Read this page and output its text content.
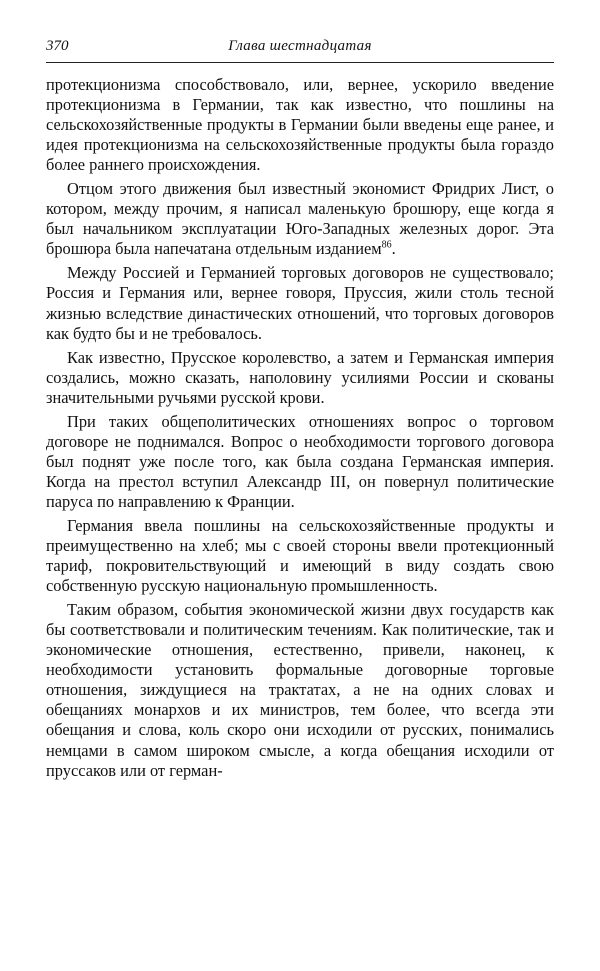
370	Глава шестнадцатая

протекционизма способствовало, или, вернее, ускорило введение протекционизма в Германии, так как известно, что пошлины на сельскохозяйственные продукты в Германии были введены еще ранее, и идея протекционизма на сельскохозяйственные продукты была гораздо более раннего происхождения.

Отцом этого движения был известный экономист Фридрих Лист, о котором, между прочим, я написал маленькую брошюру, еще когда я был начальником эксплуатации Юго-Западных железных дорог. Эта брошюра была напечатана отдельным изданием$^{86}$.

Между Россией и Германией торговых договоров не существовало; Россия и Германия или, вернее говоря, Пруссия, жили столь тесной жизнью вследствие династических отношений, что торговых договоров как будто бы и не требовалось.

Как известно, Прусское королевство, а затем и Германская империя создались, можно сказать, наполовину усилиями России и скованы значительными ручьями русской крови.

При таких общеполитических отношениях вопрос о торговом договоре не поднимался. Вопрос о необходимости торгового договора был поднят уже после того, как была создана Германская империя. Когда на престол вступил Александр III, он повернул политические паруса по направлению к Франции.

Германия ввела пошлины на сельскохозяйственные продукты и преимущественно на хлеб; мы с своей стороны ввели протекционный тариф, покровительствующий и имеющий в виду создать свою собственную русскую национальную промышленность.

Таким образом, события экономической жизни двух государств как бы соответствовали и политическим течениям. Как политические, так и экономические отношения, естественно, привели, наконец, к необходимости установить формальные договорные торговые отношения, зиждущиеся на трактатах, а не на одних словах и обещаниях монархов и их министров, тем более, что всегда эти обещания и слова, коль скоро они исходили от русских, понимались немцами в самом широком смысле, а когда обещания исходили от пруссаков или от герман-
